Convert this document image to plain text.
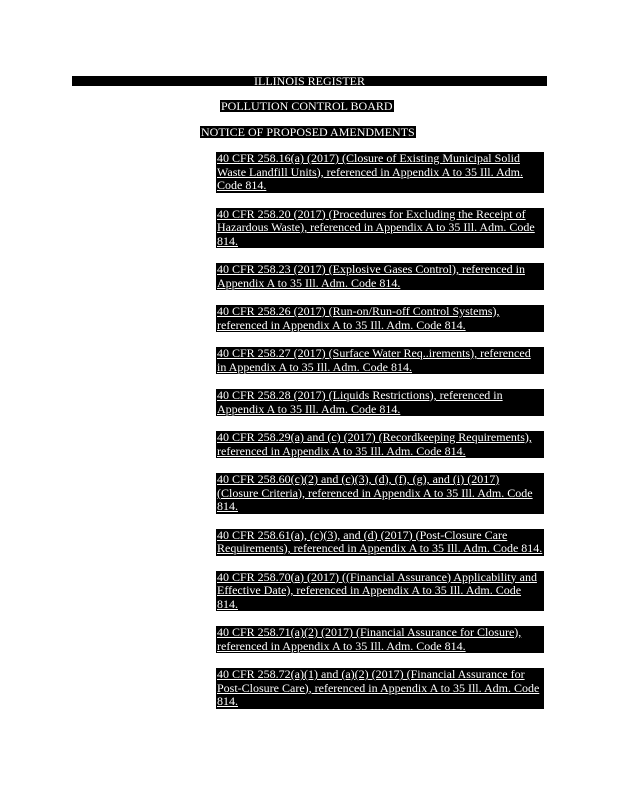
ILLINOIS REGISTER
POLLUTION CONTROL BOARD
NOTICE OF PROPOSED AMENDMENTS
40 CFR 258.16(a) (2017) (Closure of Existing Municipal Solid Waste Landfill Units), referenced in Appendix A to 35 Ill. Adm. Code 814.
40 CFR 258.20 (2017) (Procedures for Excluding the Receipt of Hazardous Waste), referenced in Appendix A to 35 Ill. Adm. Code 814.
40 CFR 258.23 (2017) (Explosive Gases Control), referenced in Appendix A to 35 Ill. Adm. Code 814.
40 CFR 258.26 (2017) (Run-on/Run-off Control Systems), referenced in Appendix A to 35 Ill. Adm. Code 814.
40 CFR 258.27 (2017) (Surface Water Req..irements), referenced in Appendix A to 35 Ill. Adm. Code 814.
40 CFR 258.28 (2017) (Liquids Restrictions), referenced in Appendix A to 35 Ill. Adm. Code 814.
40 CFR 258.29(a) and (c) (2017) (Recordkeeping Requirements), referenced in Appendix A to 35 Ill. Adm. Code 814.
40 CFR 258.60(c)(2) and (c)(3), (d), (f), (g), and (i) (2017) (Closure Criteria), referenced in Appendix A to 35 Ill. Adm. Code 814.
40 CFR 258.61(a), (c)(3), and (d) (2017) (Post-Closure Care Requirements), referenced in Appendix A to 35 Ill. Adm. Code 814.
40 CFR 258.70(a) (2017) ((Financial Assurance) Applicability and Effective Date), referenced in Appendix A to 35 Ill. Adm. Code 814.
40 CFR 258.71(a)(2) (2017) (Financial Assurance for Closure), referenced in Appendix A to 35 Ill. Adm. Code 814.
40 CFR 258.72(a)(1) and (a)(2) (2017) (Financial Assurance for Post-Closure Care), referenced in Appendix A to 35 Ill. Adm. Code 814.
